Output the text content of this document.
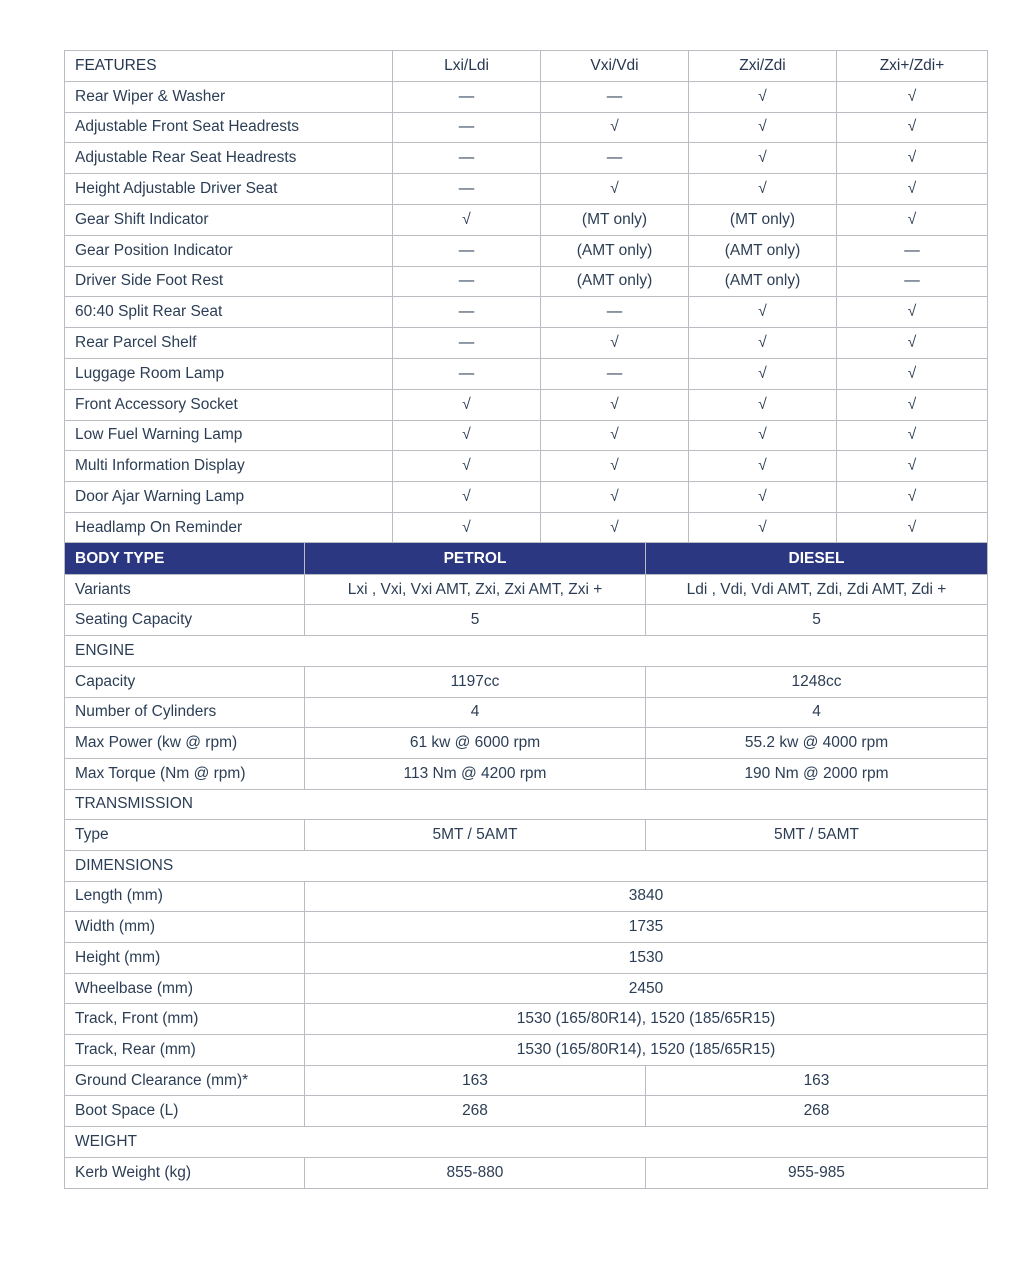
FEATURES	Lxi/Ldi	Vxi/Vdi	Zxi/Zdi	Zxi+/Zdi+
Rear Wiper & Washer	—	—	√	√
Adjustable Front Seat Headrests	—	√	√	√
Adjustable Rear Seat Headrests	—	—	√	√
Height Adjustable Driver Seat	—	√	√	√
Gear Shift Indicator	√	(MT only)	(MT only)	√
Gear Position Indicator	—	(AMT only)	(AMT only)	—
Driver Side Foot Rest	—	(AMT only)	(AMT only)	—
60:40 Split Rear Seat	—	—	√	√
Rear Parcel Shelf	—	√	√	√
Luggage Room Lamp	—	—	√	√
Front Accessory Socket	√	√	√	√
Low Fuel Warning Lamp	√	√	√	√
Multi Information Display	√	√	√	√
Door Ajar Warning Lamp	√	√	√	√
Headlamp On Reminder	√	√	√	√
BODY TYPE	PETROL	DIESEL
Variants	Lxi , Vxi, Vxi AMT, Zxi, Zxi AMT, Zxi +	Ldi , Vdi, Vdi AMT, Zdi, Zdi AMT, Zdi +
Seating Capacity	5	5
ENGINE		
Capacity	1197cc	1248cc
Number of Cylinders	4	4
Max Power (kw @ rpm)	61 kw @ 6000 rpm	55.2 kw @ 4000 rpm
Max Torque (Nm @ rpm)	113 Nm @ 4200 rpm	190 Nm @ 2000 rpm
TRANSMISSION		
Type	5MT / 5AMT	5MT / 5AMT
DIMENSIONS		
Length (mm)	3840	
Width (mm)	1735	
Height (mm)	1530	
Wheelbase (mm)	2450	
Track, Front (mm)	1530 (165/80R14), 1520 (185/65R15)	
Track, Rear (mm)	1530 (165/80R14), 1520 (185/65R15)	
Ground Clearance (mm)*	163	163
Boot Space (L)	268	268
WEIGHT		
Kerb Weight (kg)	855-880	955-985
